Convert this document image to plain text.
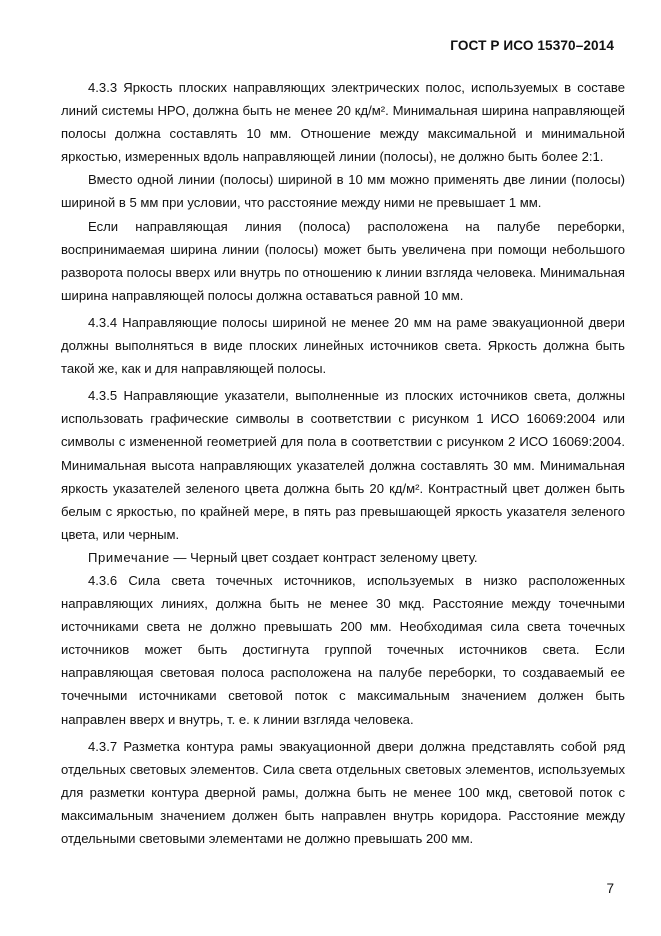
ГОСТ Р ИСО 15370–2014

4.3.3 Яркость плоских направляющих электрических полос, используемых в составе линий системы НРО, должна быть не менее 20 кд/м². Минимальная ширина направляющей полосы должна составлять 10 мм. Отношение между максимальной и минимальной яркостью, измеренных вдоль направляющей линии (полосы), не должно быть более 2:1.

Вместо одной линии (полосы) шириной в 10 мм можно применять две линии (полосы) шириной в 5 мм при условии, что расстояние между ними не превышает 1 мм.

Если направляющая линия (полоса) расположена на палубе переборки, воспринимаемая ширина линии (полосы) может быть увеличена при помощи небольшого разворота полосы вверх или внутрь по отношению к линии взгляда человека. Минимальная ширина направляющей полосы должна оставаться равной 10 мм.

4.3.4 Направляющие полосы шириной не менее 20 мм на раме эвакуационной двери должны выполняться в виде плоских линейных источников света. Яркость должна быть такой же, как и для направляющей полосы.

4.3.5 Направляющие указатели, выполненные из плоских источников света, должны использовать графические символы в соответствии с рисунком 1 ИСО 16069:2004 или символы с измененной геометрией для пола в соответствии с рисунком 2 ИСО 16069:2004. Минимальная высота направляющих указателей должна составлять 30 мм. Минимальная яркость указателей зеленого цвета должна быть 20 кд/м². Контрастный цвет должен быть белым с яркостью, по крайней мере, в пять раз превышающей яркость указателя зеленого цвета, или черным.

Примечание — Черный цвет создает контраст зеленому цвету.

4.3.6 Сила света точечных источников, используемых в низко расположенных направляющих линиях, должна быть не менее 30 мкд. Расстояние между точечными источниками света не должно превышать 200 мм. Необходимая сила света точечных источников может быть достигнута группой точечных источников света. Если направляющая световая полоса расположена на палубе переборки, то создаваемый ее точечными источниками световой поток с максимальным значением должен быть направлен вверх и внутрь, т. е. к линии взгляда человека.

4.3.7 Разметка контура рамы эвакуационной двери должна представлять собой ряд отдельных световых элементов. Сила света отдельных световых элементов, используемых для разметки контура дверной рамы, должна быть не менее 100 мкд, световой поток с максимальным значением должен быть направлен внутрь коридора. Расстояние между отдельными световыми элементами не должно превышать 200 мм.

7
